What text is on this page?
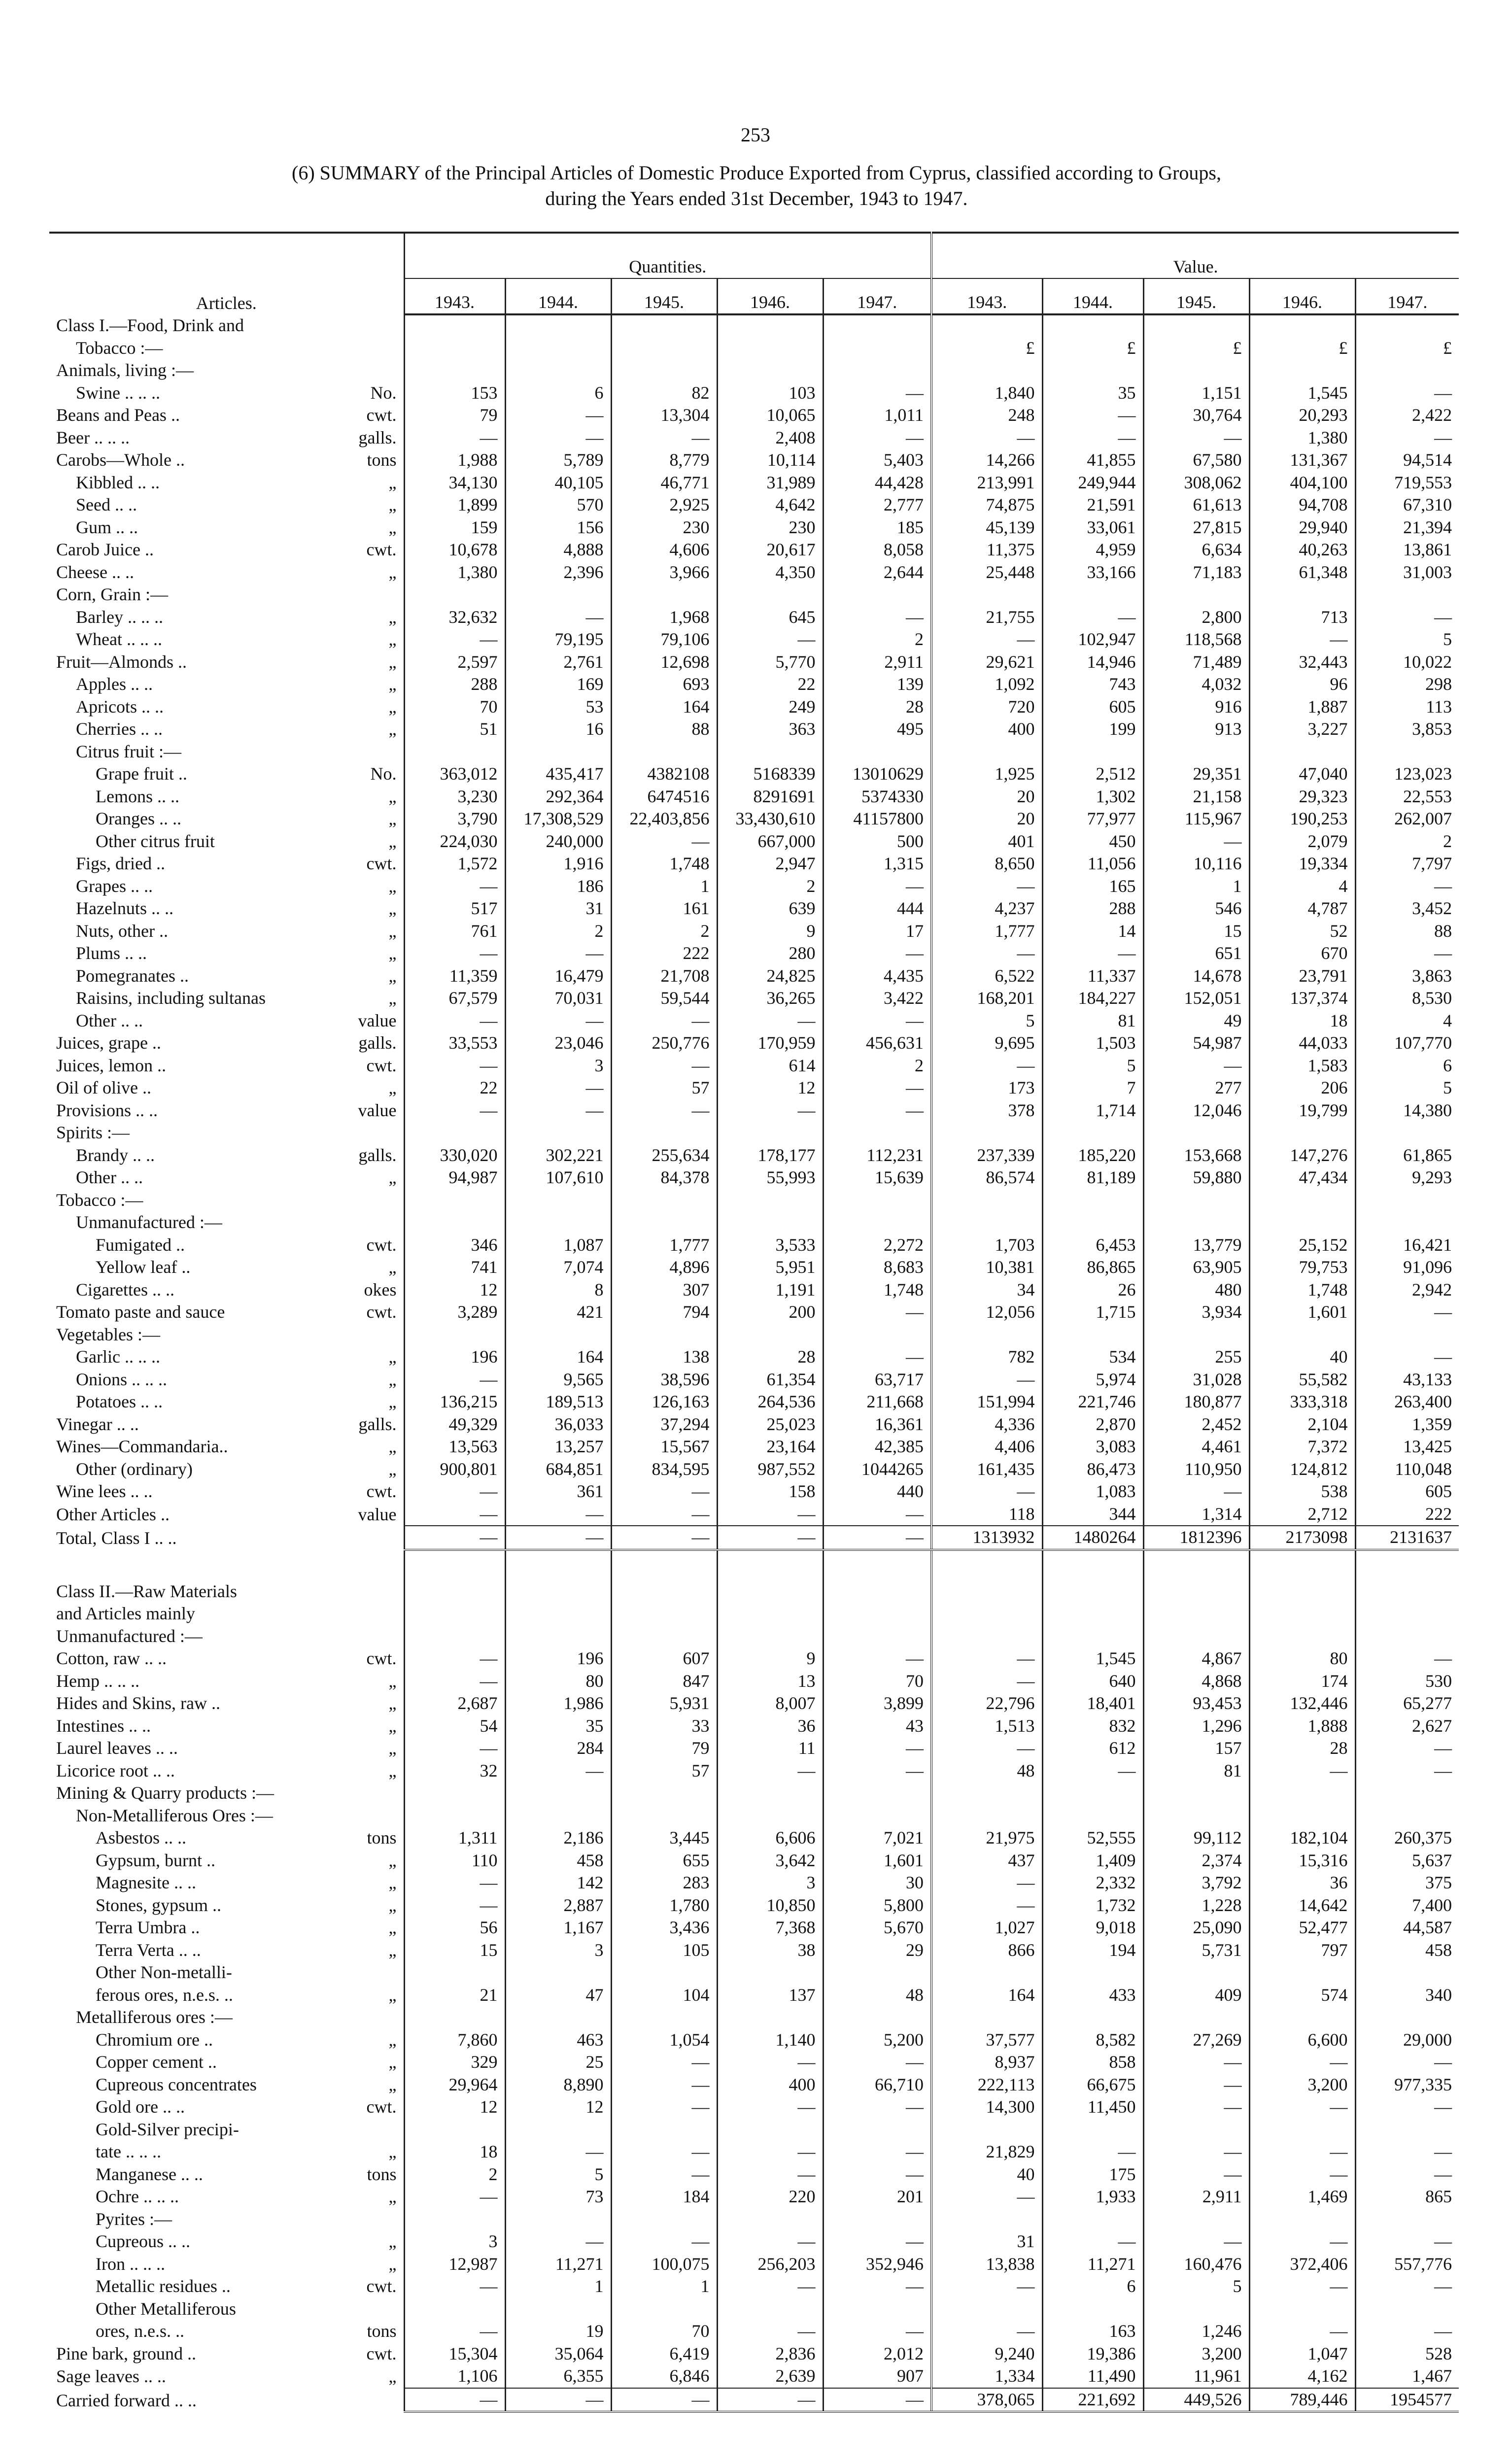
253
(6) SUMMARY of the Principal Articles of Domestic Produce Exported from Cyprus, classified according to Groups,
during the Years ended 31st December, 1943 to 1947.
Articles.	Quantities.					Value.				
	1943.	1944.	1945.	1946.	1947.	1943.	1944.	1945.	1946.	1947.
Class I.—Food, Drink and

Tobacco :—						£	£	£	£	£
Animals, living :—

Swine .. .. .. No.	153	6	82	103	—	1,840	35	1,151	1,545	—
Beans and Peas .. cwt.	79	—	13,304	10,065	1,011	248	—	30,764	20,293	2,422
Beer .. .. .. galls.	—	—	—	2,408	—	—	—	—	1,380	—
Carobs—Whole .. tons	1,988	5,789	8,779	10,114	5,403	14,266	41,855	67,580	131,367	94,514
Kibbled .. .. „	34,130	40,105	46,771	31,989	44,428	213,991	249,944	308,062	404,100	719,553
Seed .. .. „	1,899	570	2,925	4,642	2,777	74,875	21,591	61,613	94,708	67,310
Gum .. .. „	159	156	230	230	185	45,139	33,061	27,815	29,940	21,394
Carob Juice .. cwt.	10,678	4,888	4,606	20,617	8,058	11,375	4,959	6,634	40,263	13,861
Cheese .. .. „	1,380	2,396	3,966	4,350	2,644	25,448	33,166	71,183	61,348	31,003
Corn, Grain :—

Barley .. .. .. „	32,632	—	1,968	645	—	21,755	—	2,800	713	—
Wheat .. .. .. „	—	79,195	79,106	—	2	—	102,947	118,568	—	5
Fruit—Almonds .. „	2,597	2,761	12,698	5,770	2,911	29,621	14,946	71,489	32,443	10,022
Apples .. .. „	288	169	693	22	139	1,092	743	4,032	96	298
Apricots .. .. „	70	53	164	249	28	720	605	916	1,887	113
Cherries .. .. „	51	16	88	363	495	400	199	913	3,227	3,853
Citrus fruit :—

Grape fruit .. No.	363,012	435,417	4382108	5168339	13010629	1,925	2,512	29,351	47,040	123,023
Lemons .. .. „	3,230	292,364	6474516	8291691	5374330	20	1,302	21,158	29,323	22,553
Oranges .. .. „	3,790	17,308,529	22,403,856	33,430,610	41157800	20	77,977	115,967	190,253	262,007
Other citrus fruit „	224,030	240,000	—	667,000	500	401	450	—	2,079	2
Figs, dried .. cwt.	1,572	1,916	1,748	2,947	1,315	8,650	11,056	10,116	19,334	7,797
Grapes .. .. „	—	186	1	2	—	—	165	1	4	—
Hazelnuts .. .. „	517	31	161	639	444	4,237	288	546	4,787	3,452
Nuts, other .. „	761	2	2	9	17	1,777	14	15	52	88
Plums .. .. „	—	—	222	280	—	—	—	651	670	—
Pomegranates .. „	11,359	16,479	21,708	24,825	4,435	6,522	11,337	14,678	23,791	3,863
Raisins, including sultanas „	67,579	70,031	59,544	36,265	3,422	168,201	184,227	152,051	137,374	8,530
Other .. .. value	—	—	—	—	—	5	81	49	18	4
Juices, grape .. galls.	33,553	23,046	250,776	170,959	456,631	9,695	1,503	54,987	44,033	107,770
Juices, lemon .. cwt.	—	3	—	614	2	—	5	—	1,583	6
Oil of olive .. „	22	—	57	12	—	173	7	277	206	5
Provisions .. .. value	—	—	—	—	—	378	1,714	12,046	19,799	14,380
Spirits :—

Brandy .. .. galls.	330,020	302,221	255,634	178,177	112,231	237,339	185,220	153,668	147,276	61,865
Other .. .. „	94,987	107,610	84,378	55,993	15,639	86,574	81,189	59,880	47,434	9,293
Tobacco :—

Unmanufactured :—

Fumigated .. cwt.	346	1,087	1,777	3,533	2,272	1,703	6,453	13,779	25,152	16,421
Yellow leaf .. „	741	7,074	4,896	5,951	8,683	10,381	86,865	63,905	79,753	91,096
Cigarettes .. .. okes	12	8	307	1,191	1,748	34	26	480	1,748	2,942
Tomato paste and sauce cwt.	3,289	421	794	200	—	12,056	1,715	3,934	1,601	—
Vegetables :—

Garlic .. .. .. „	196	164	138	28	—	782	534	255	40	—
Onions .. .. .. „	—	9,565	38,596	61,354	63,717	—	5,974	31,028	55,582	43,133
Potatoes .. .. „	136,215	189,513	126,163	264,536	211,668	151,994	221,746	180,877	333,318	263,400
Vinegar .. .. galls.	49,329	36,033	37,294	25,023	16,361	4,336	2,870	2,452	2,104	1,359
Wines—Commandaria.. „	13,563	13,257	15,567	23,164	42,385	4,406	3,083	4,461	7,372	13,425
Other (ordinary) „	900,801	684,851	834,595	987,552	1044265	161,435	86,473	110,950	124,812	110,048
Wine lees .. .. cwt.	—	361	—	158	440	—	1,083	—	538	605
Other Articles .. value	—	—	—	—	—	118	344	1,314	2,712	222
Total, Class I .. ..	—	—	—	—	—	1313932	1480264	1812396	2173098	2131637

Class II.—Raw Materials

and Articles mainly

Unmanufactured :—

Cotton, raw .. .. cwt.	—	196	607	9	—	—	1,545	4,867	80	—
Hemp .. .. .. „	—	80	847	13	70	—	640	4,868	174	530
Hides and Skins, raw .. „	2,687	1,986	5,931	8,007	3,899	22,796	18,401	93,453	132,446	65,277
Intestines .. .. „	54	35	33	36	43	1,513	832	1,296	1,888	2,627
Laurel leaves .. .. „	—	284	79	11	—	—	612	157	28	—
Licorice root .. .. „	32	—	57	—	—	48	—	81	—	—
Mining & Quarry products :—

Non-Metalliferous Ores :—

Asbestos .. .. tons	1,311	2,186	3,445	6,606	7,021	21,975	52,555	99,112	182,104	260,375
Gypsum, burnt .. „	110	458	655	3,642	1,601	437	1,409	2,374	15,316	5,637
Magnesite .. .. „	—	142	283	3	30	—	2,332	3,792	36	375
Stones, gypsum .. „	—	2,887	1,780	10,850	5,800	—	1,732	1,228	14,642	7,400
Terra Umbra .. „	56	1,167	3,436	7,368	5,670	1,027	9,018	25,090	52,477	44,587
Terra Verta .. .. „	15	3	105	38	29	866	194	5,731	797	458
Other Non-metalli-

ferous ores, n.e.s. .. „	21	47	104	137	48	164	433	409	574	340
Metalliferous ores :—

Chromium ore .. „	7,860	463	1,054	1,140	5,200	37,577	8,582	27,269	6,600	29,000
Copper cement .. „	329	25	—	—	—	8,937	858	—	—	—
Cupreous concentrates „	29,964	8,890	—	400	66,710	222,113	66,675	—	3,200	977,335
Gold ore .. .. cwt.	12	12	—	—	—	14,300	11,450	—	—	—
Gold-Silver precipi-

tate .. .. .. „	18	—	—	—	—	21,829	—	—	—	—
Manganese .. .. tons	2	5	—	—	—	40	175	—	—	—
Ochre .. .. .. „	—	73	184	220	201	—	1,933	2,911	1,469	865
Pyrites :—

Cupreous .. .. „	3	—	—	—	—	31	—	—	—	—
Iron .. .. .. „	12,987	11,271	100,075	256,203	352,946	13,838	11,271	160,476	372,406	557,776
Metallic residues .. cwt.	—	1	1	—	—	—	6	5	—	—
Other Metalliferous

ores, n.e.s. .. tons	—	19	70	—	—	—	163	1,246	—	—
Pine bark, ground .. cwt.	15,304	35,064	6,419	2,836	2,012	9,240	19,386	3,200	1,047	528
Sage leaves .. .. „	1,106	6,355	6,846	2,639	907	1,334	11,490	11,961	4,162	1,467
Carried forward .. ..	—	—	—	—	—	378,065	221,692	449,526	789,446	1954577
